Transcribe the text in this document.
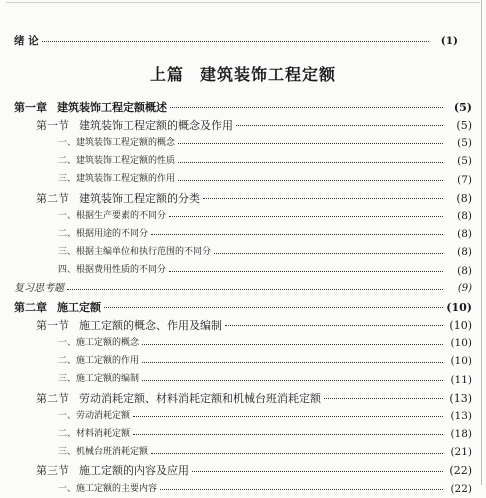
绪 论	(1)
上篇 建筑装饰工程定额
第一章 建筑装饰工程定额概述	(5)
第一节 建筑装饰工程定额的概念及作用	(5)
一、建筑装饰工程定额的概念	(5)
二、建筑装饰工程定额的性质	(5)
三、建筑装饰工程定额的作用	(7)
第二节 建筑装饰工程定额的分类	(8)
一、根据生产要素的不同分	(8)
二、根据用途的不同分	(8)
三、根据主编单位和执行范围的不同分	(8)
四、根据费用性质的不同分	(8)
复习思考题	(9)
第二章 施工定额	(10)
第一节 施工定额的概念、作用及编制	(10)
一、施工定额的概念	(10)
二、施工定额的作用	(10)
三、施工定额的编制	(11)
第二节 劳动消耗定额、材料消耗定额和机械台班消耗定额	(13)
一、劳动消耗定额	(13)
二、材料消耗定额	(18)
三、机械台班消耗定额	(21)
第三节 施工定额的内容及应用	(22)
一、施工定额的主要内容	(22)
